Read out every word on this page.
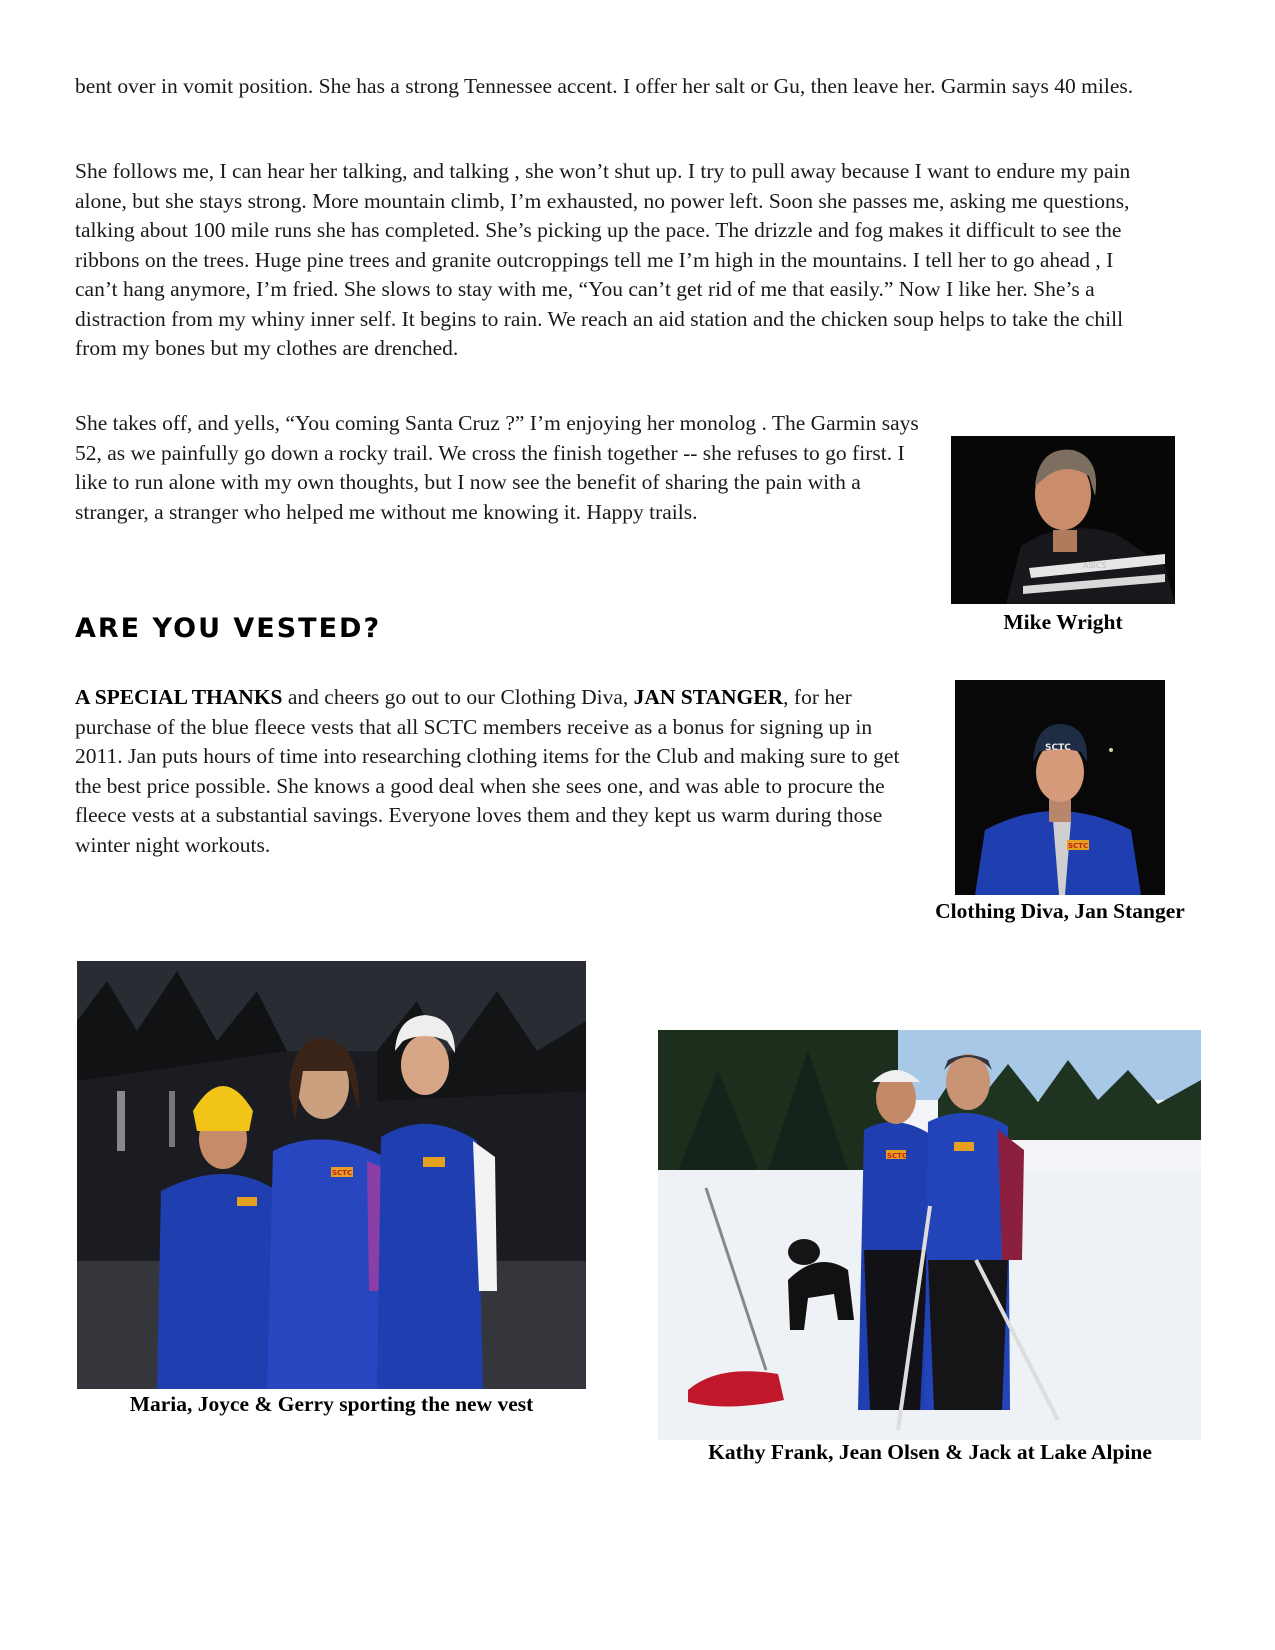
bent over in vomit position. She has a strong Tennessee accent. I offer her salt or Gu, then leave her. Garmin says 40 miles.

She follows me, I can hear her talking, and talking , she won’t shut up. I try to pull away because I want to endure my pain alone, but she stays strong. More mountain climb, I’m exhausted, no power left. Soon she passes me, asking me questions, talking about 100 mile runs she has completed. She’s picking up the pace. The drizzle and fog makes it difficult to see the ribbons on the trees. Huge pine trees and granite outcroppings tell me I’m high in the mountains. I tell her to go ahead , I can’t hang anymore, I’m fried. She slows to stay with me, “You can’t get rid of me that easily.” Now I like her. She’s a distraction from my whiny inner self. It begins to rain. We reach an aid station and the chicken soup helps to take the chill from my bones but my clothes are drenched.

She takes off, and yells, “You coming Santa Cruz ?” I’m enjoying her monolog . The Garmin says 52, as we painfully go down a rocky trail. We cross the finish together -- she refuses to go first. I like to run alone with my own thoughts, but I now see the benefit of sharing the pain with a stranger, a stranger who helped me without me knowing it. Happy trails.

ARE YOU VESTED?

A SPECIAL THANKS and cheers go out to our Clothing Diva, JAN STANGER, for her purchase of the blue fleece vests that all SCTC members receive as a bonus for signing up in 2011. Jan puts hours of time into researching clothing items for the Club and making sure to get the best price possible. She knows a good deal when she sees one, and was able to procure the fleece vests at a substantial savings. Everyone loves them and they kept us warm during those winter night workouts.

ASICS

Mike Wright

SCTC
SCTC

Clothing Diva, Jan Stanger

SCTC

Maria, Joyce & Gerry sporting the new vest

SCTC

Kathy Frank, Jean Olsen & Jack at Lake Alpine
